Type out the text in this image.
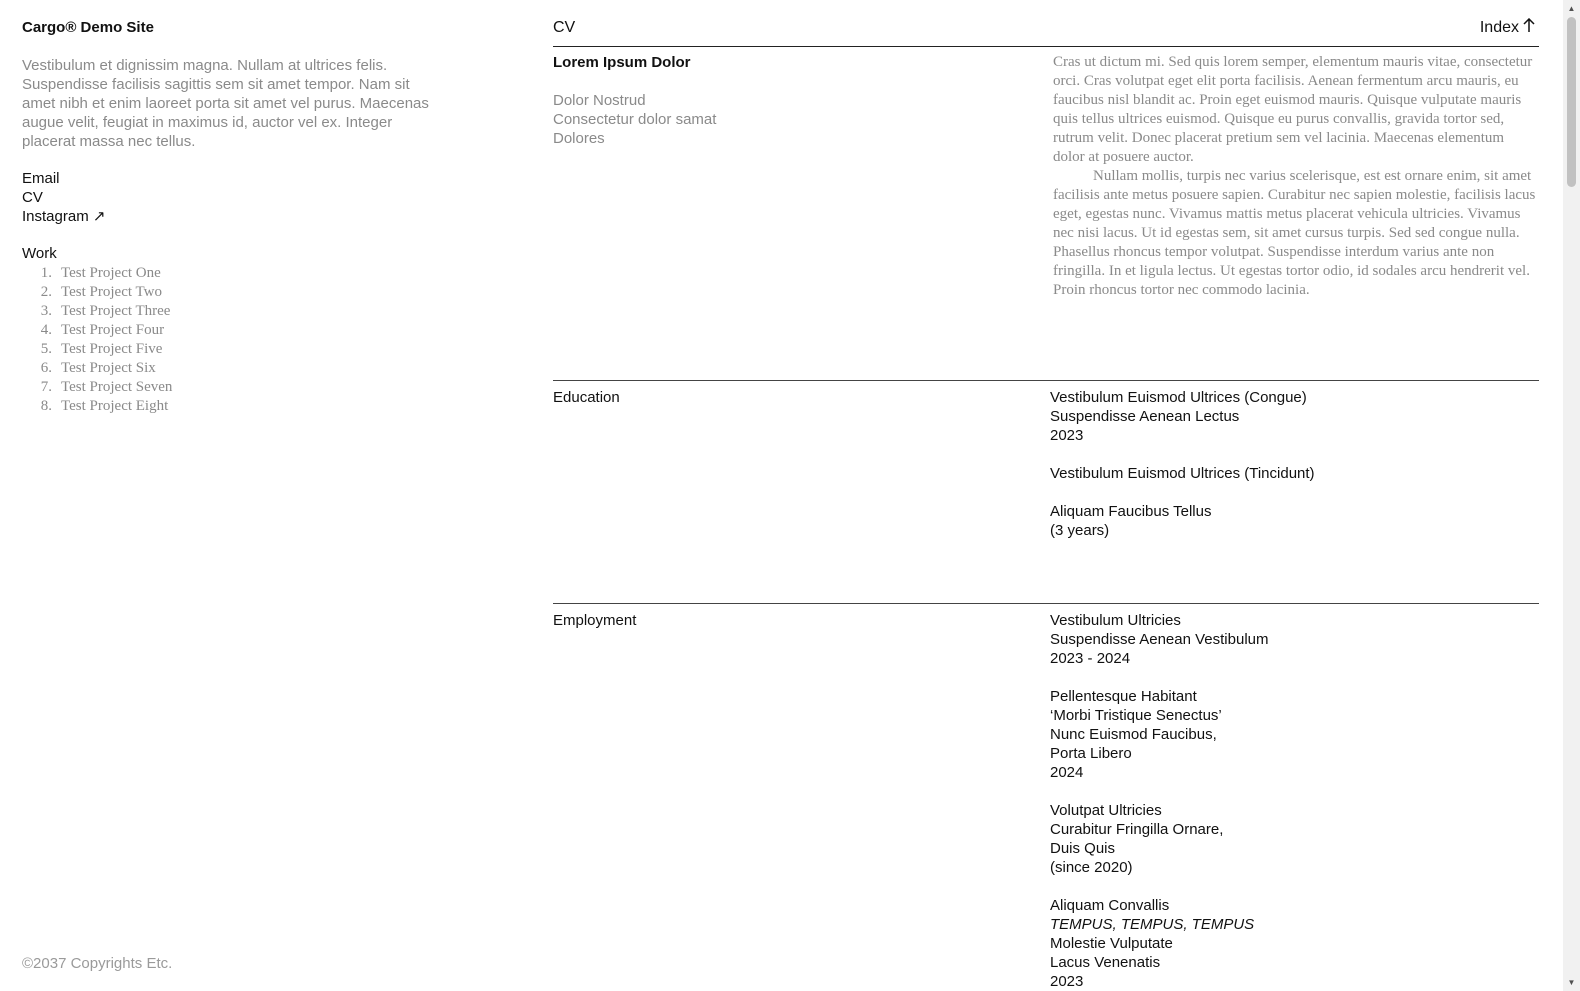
Cargo® Demo Site
Vestibulum et dignissim magna. Nullam at ultrices felis. Suspendisse facilisis sagittis sem sit amet tempor. Nam sit amet nibh et enim laoreet porta sit amet vel purus. Maecenas augue velit, feugiat in maximus id, auctor vel ex. Integer placerat massa nec tellus.
Email
CV
Instagram ↗
Work
1. Test Project One
2. Test Project Two
3. Test Project Three
4. Test Project Four
5. Test Project Five
6. Test Project Six
7. Test Project Seven
8. Test Project Eight
©2037 Copyrights Etc.
CV	Index
Lorem Ipsum Dolor
Dolor Nostrud
Consectetur dolor samat
Dolores

Cras ut dictum mi. Sed quis lorem semper, elementum mauris vitae, consectetur orci. Cras volutpat eget elit porta facilisis. Aenean fermentum arcu mauris, eu faucibus nisl blandit ac. Proin eget euismod mauris. Quisque vulputate mauris quis tellus ultrices euismod. Quisque eu purus convallis, gravida tortor sed, rutrum velit. Donec placerat pretium sem vel lacinia. Maecenas elementum dolor at posuere auctor.

Nullam mollis, turpis nec varius scelerisque, est est ornare enim, sit amet facilisis ante metus posuere sapien. Curabitur nec sapien molestie, facilisis lacus eget, egestas nunc. Vivamus mattis metus placerat vehicula ultricies. Vivamus nec nisi lacus. Ut id egestas sem, sit amet cursus turpis. Sed sed congue nulla. Phasellus rhoncus tempor volutpat. Suspendisse interdum varius ante non fringilla. In et ligula lectus. Ut egestas tortor odio, id sodales arcu hendrerit vel. Proin rhoncus tortor nec commodo lacinia.

Education	Vestibulum Euismod Ultrices (Congue)
Suspendisse Aenean Lectus
2023
Vestibulum Euismod Ultrices (Tincidunt)
Aliquam Faucibus Tellus
(3 years)
Employment	Vestibulum Ultricies
Suspendisse Aenean Vestibulum
2023 - 2024
Pellentesque Habitant
‘Morbi Tristique Senectus’
Nunc Euismod Faucibus,
Porta Libero
2024
Volutpat Ultricies
Curabitur Fringilla Ornare,
Duis Quis
(since 2020)
Aliquam Convallis
TEMPUS, TEMPUS, TEMPUS
Molestie Vulputate
Lacus Venenatis
2023
▲
▼
